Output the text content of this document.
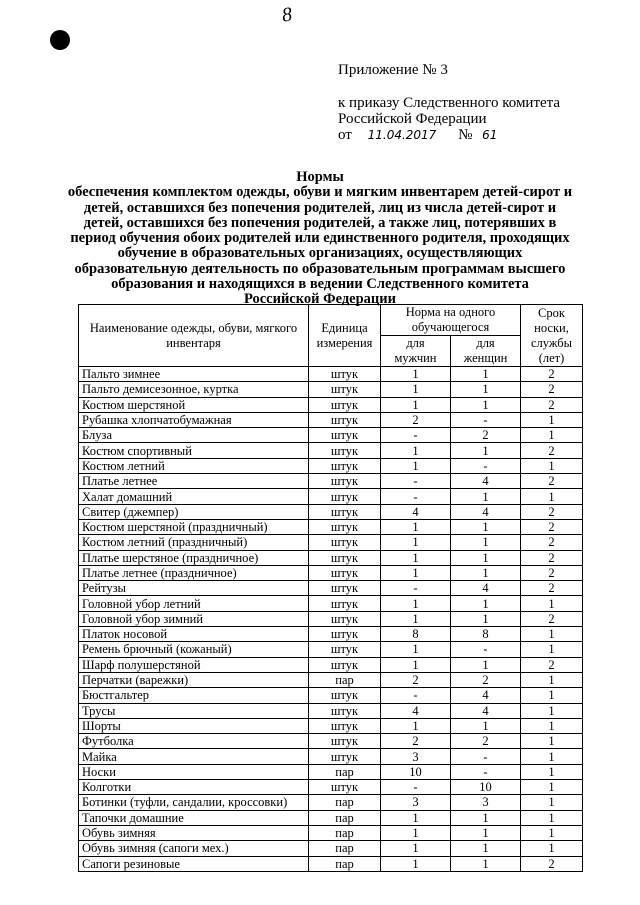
8
Приложение № 3
к приказу Следственного комитета
Российской Федерации
от 11.04.2017 № 61
Нормы
обеспечения комплектом одежды, обуви и мягким инвентарем детей-сирот и
детей, оставшихся без попечения родителей, лиц из числа детей-сирот и
детей, оставшихся без попечения родителей, а также лиц, потерявших в
период обучения обоих родителей или единственного родителя, проходящих
обучение в образовательных организациях, осуществляющих
образовательную деятельность по образовательным программам высшего
образования и находящихся в ведении Следственного комитета
Российской Федерации
Наименование одежды, обуви, мягкого инвентаря	Единица измерения	Норма на одного обучающегося		Срок носки, службы (лет)
		для мужчин	для женщин	
Пальто зимнее	штук	1	1	2
Пальто демисезонное, куртка	штук	1	1	2
Костюм шерстяной	штук	1	1	2
Рубашка хлопчатобумажная	штук	2	-	1
Блуза	штук	-	2	1
Костюм спортивный	штук	1	1	2
Костюм летний	штук	1	-	1
Платье летнее	штук	-	4	2
Халат домашний	штук	-	1	1
Свитер (джемпер)	штук	4	4	2
Костюм шерстяной (праздничный)	штук	1	1	2
Костюм летний (праздничный)	штук	1	1	2
Платье шерстяное (праздничное)	штук	1	1	2
Платье летнее (праздничное)	штук	1	1	2
Рейтузы	штук	-	4	2
Головной убор летний	штук	1	1	1
Головной убор зимний	штук	1	1	2
Платок носовой	штук	8	8	1
Ремень брючный (кожаный)	штук	1	-	1
Шарф полушерстяной	штук	1	1	2
Перчатки (варежки)	пар	2	2	1
Бюстгальтер	штук	-	4	1
Трусы	штук	4	4	1
Шорты	штук	1	1	1
Футболка	штук	2	2	1
Майка	штук	3	-	1
Носки	пар	10	-	1
Колготки	штук	-	10	1
Ботинки (туфли, сандалии, кроссовки)	пар	3	3	1
Тапочки домашние	пар	1	1	1
Обувь зимняя	пар	1	1	1
Обувь зимняя (сапоги мех.)	пар	1	1	1
Сапоги резиновые	пар	1	1	2
